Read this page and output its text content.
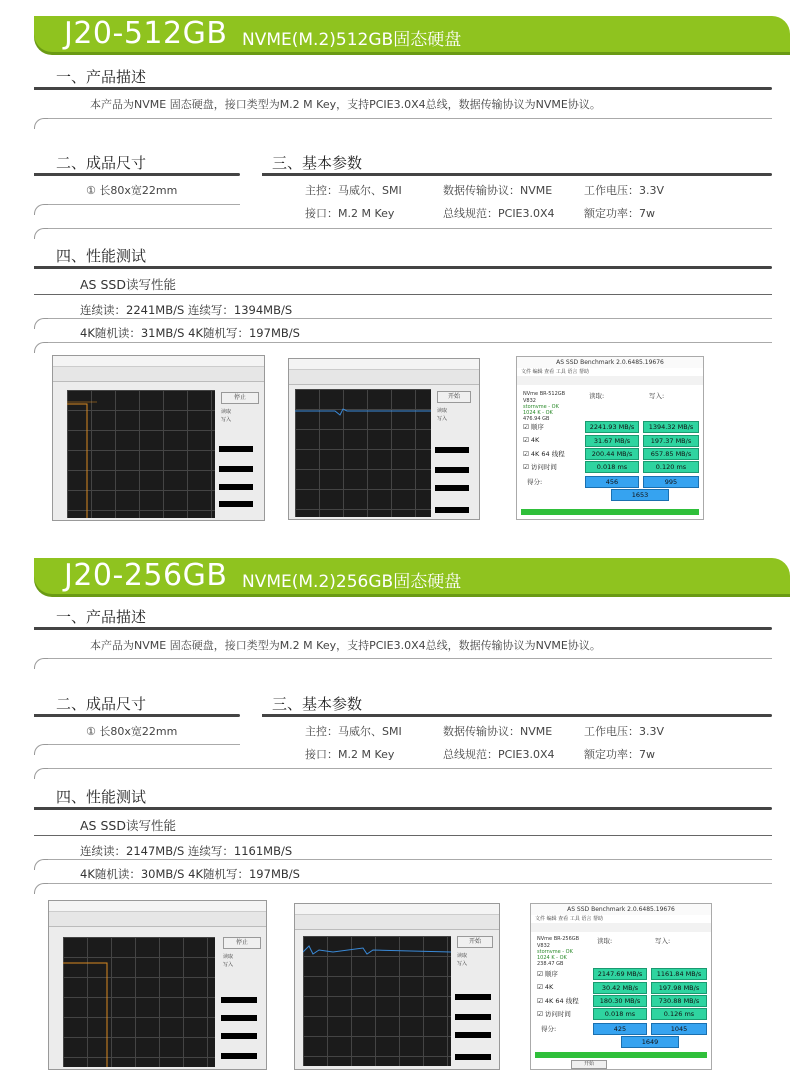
J20-512GB NVME(M.2)512GB固态硬盘
一、产品描述
本产品为NVME 固态硬盘，接口类型为M.2 M Key，支持PCIE3.0X4总线，数据传输协议为NVME协议。
二、成品尺寸
① 长80x宽22mm
三、基本参数
主控：马威尔、SMI	数据传输协议：NVME	工作电压：3.3V
接口：M.2 M Key	总线规范：PCIE3.0X4	额定功率：7w
四、性能测试
AS SSD读写性能
连续读：2241MB/S 连续写：1394MB/S
4K随机读：31MB/S 4K随机写：197MB/S
停止
读取
写入
开始
读取
写入
AS SSD Benchmark 2.0.6485.19676
文件 编辑 查看 工具 语言 帮助
NVme BR-512GB
V832
stornvme - OK
1024 K - OK
476.94 GB
读取:	写入:
☑ 顺序	2241.93 MB/s	1394.32 MB/s
☑ 4K	31.67 MB/s	197.37 MB/s
☑ 4K 64 线程	200.44 MB/s	657.85 MB/s
☑ 访问时间	0.018 ms	0.120 ms
得分:	456	995
1653
J20-256GB NVME(M.2)256GB固态硬盘
一、产品描述
本产品为NVME 固态硬盘，接口类型为M.2 M Key，支持PCIE3.0X4总线，数据传输协议为NVME协议。
二、成品尺寸
① 长80x宽22mm
三、基本参数
主控：马威尔、SMI	数据传输协议：NVME	工作电压：3.3V
接口：M.2 M Key	总线规范：PCIE3.0X4	额定功率：7w
四、性能测试
AS SSD读写性能
连续读：2147MB/S 连续写：1161MB/S
4K随机读：30MB/S 4K随机写：197MB/S
停止
读取
写入
开始
读取
写入
AS SSD Benchmark 2.0.6485.19676
文件 编辑 查看 工具 语言 帮助
NVme BR-256GB
V832
stornvme - OK
1024 K - OK
238.47 GB
读取:	写入:
☑ 顺序	2147.69 MB/s	1161.84 MB/s
☑ 4K	30.42 MB/s	197.98 MB/s
☑ 4K 64 线程	180.30 MB/s	730.88 MB/s
☑ 访问时间	0.018 ms	0.126 ms
得分:	425	1045
1649
开始
